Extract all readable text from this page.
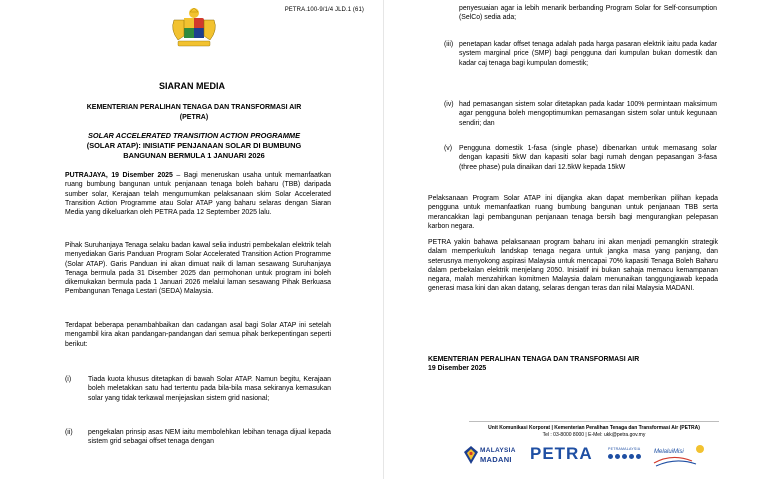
PETRA.100-9/1/4 JLD.1 (61)
SIARAN MEDIA
KEMENTERIAN PERALIHAN TENAGA DAN TRANSFORMASI AIR
(PETRA)
SOLAR ACCELERATED TRANSITION ACTION PROGRAMME
(SOLAR ATAP): INISIATIF PENJANAAN SOLAR DI BUMBUNG
BANGUNAN BERMULA 1 JANUARI 2026
PUTRAJAYA, 19 Disember 2025 – Bagi meneruskan usaha untuk memanfaatkan ruang bumbung bangunan untuk penjanaan tenaga boleh baharu (TBB) daripada sumber solar, Kerajaan telah mengumumkan pelaksanaan skim Solar Accelerated Transition Action Programme atau Solar ATAP yang baharu selaras dengan Siaran Media yang dikeluarkan oleh PETRA pada 12 September 2025 lalu.
Pihak Suruhanjaya Tenaga selaku badan kawal selia industri pembekalan elektrik telah menyediakan Garis Panduan Program Solar Accelerated Transition Action Programme (Solar ATAP). Garis Panduan ini akan dimuat naik di laman sesawang Suruhanjaya Tenaga bermula pada 31 Disember 2025 dan permohonan untuk program ini boleh dikemukakan bermula pada 1 Januari 2026 melalui laman sesawang Pihak Berkuasa Pembangunan Tenaga Lestari (SEDA) Malaysia.
Terdapat beberapa penambahbaikan dan cadangan asal bagi Solar ATAP ini setelah mengambil kira akan pandangan-pandangan dari semua pihak berkepentingan seperti berikut:
(i)	Tiada kuota khusus ditetapkan di bawah Solar ATAP. Namun begitu, Kerajaan boleh meletakkan satu had tertentu pada bila-bila masa sekiranya kemasukan solar yang tidak terkawal menjejaskan sistem grid nasional;
(ii)	pengekalan prinsip asas NEM iaitu membolehkan lebihan tenaga dijual kepada sistem grid sebagai offset tenaga dengan
penyesuaian agar ia lebih menarik berbanding Program Solar for Self-consumption (SelCo) sedia ada;
(iii) penetapan kadar offset tenaga adalah pada harga pasaran elektrik iaitu pada kadar system marginal price (SMP) bagi pengguna dari kumpulan bukan domestik dan kadar caj tenaga bagi kumpulan domestik;
(iv) had pemasangan sistem solar ditetapkan pada kadar 100% permintaan maksimum agar pengguna boleh mengoptimumkan pemasangan sistem solar untuk kegunaan sendiri; dan
(v)	Pengguna domestik 1-fasa (single phase) dibenarkan untuk memasang solar dengan kapasiti 5kW dan kapasiti solar bagi rumah dengan pepasangan 3-fasa (three phase) pula dinaikan dari 12.5kW kepada 15kW
Pelaksanaan Program Solar ATAP ini dijangka akan dapat memberikan pilihan kepada pengguna untuk memanfaatkan ruang bumbung bangunan untuk penjanaan TBB serta merancakkan lagi pembangunan penjanaan tenaga bersih bagi mengurangkan pelepasan karbon negara.
PETRA yakin bahawa pelaksanaan program baharu ini akan menjadi pemangkin strategik dalam memperkukuh landskap tenaga negara untuk jangka masa yang panjang, dan seterusnya menyokong aspirasi Malaysia untuk mencapai 70% kapasiti Tenaga Boleh Baharu dalam perbekalan elektrik menjelang 2050. Inisiatif ini bukan sahaja memacu kemampanan negara, malah menzahirkan komitmen Malaysia dalam menunaikan tanggungjawab kepada generasi masa kini dan akan datang, selaras dengan teras dan nilai Malaysia MADANI.
KEMENTERIAN PERALIHAN TENAGA DAN TRANSFORMASI AIR
19 Disember 2025
Unit Komunikasi Korporat | Kementerian Peralihan Tenaga dan Transformasi Air (PETRA)
Tel : 03-8000 8000 | E-Mel: ukk@petra.gov.my
MALAYSIA
MADANI PETRA	PETRAMALAYSIA MelaluiMisi
